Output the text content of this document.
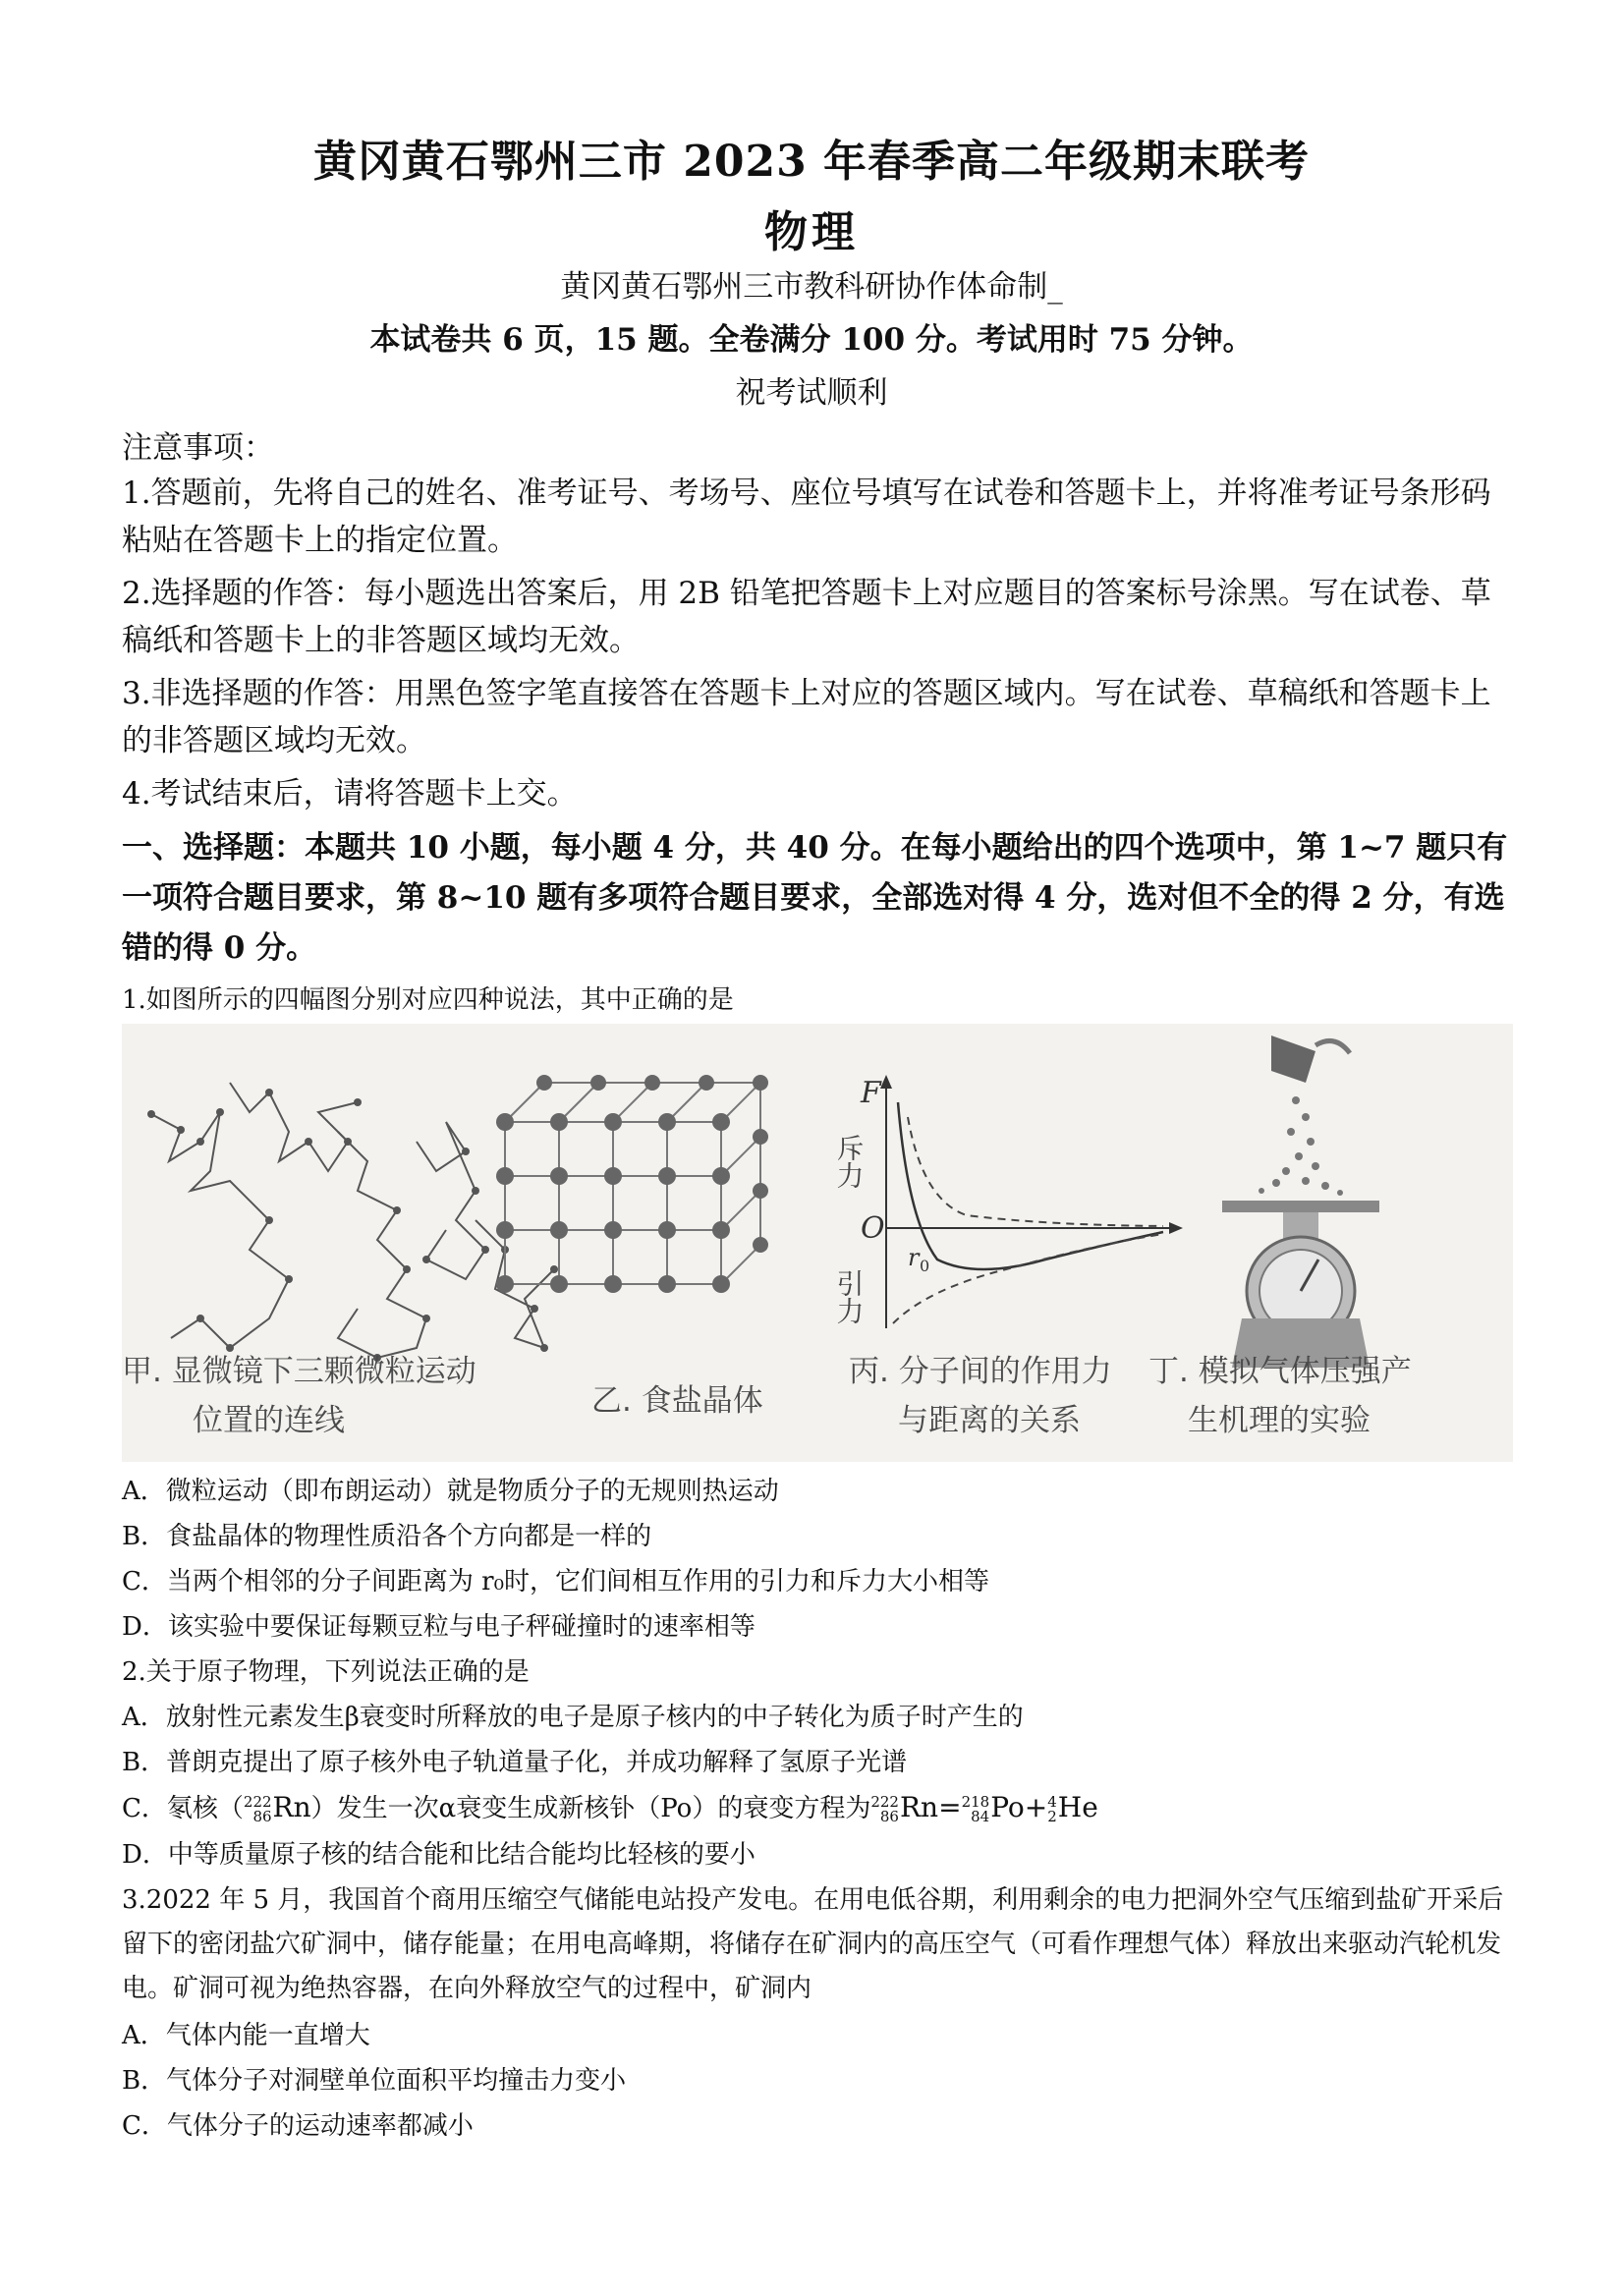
黄冈黄石鄂州三市 2023 年春季高二年级期末联考
物理
黄冈黄石鄂州三市教科研协作体命制_
本试卷共 6 页，15 题。全卷满分 100 分。考试用时 75 分钟。
祝考试顺利
注意事项：
1.答题前，先将自己的姓名、准考证号、考场号、座位号填写在试卷和答题卡上，并将准考证号条形码粘贴在答题卡上的指定位置。
2.选择题的作答：每小题选出答案后，用 2B 铅笔把答题卡上对应题目的答案标号涂黑。写在试卷、草稿纸和答题卡上的非答题区域均无效。
3.非选择题的作答：用黑色签字笔直接答在答题卡上对应的答题区域内。写在试卷、草稿纸和答题卡上的非答题区域均无效。
4.考试结束后，请将答题卡上交。
一、选择题：本题共 10 小题，每小题 4 分，共 40 分。在每小题给出的四个选项中，第 1~7 题只有一项符合题目要求，第 8~10 题有多项符合题目要求，全部选对得 4 分，选对但不全的得 2 分，有选错的得 0 分。
1.如图所示的四幅图分别对应四种说法，其中正确的是
F
O
斥力
引力
r 0
甲. 显微镜下三颗微粒运动
位置的连线
乙. 食盐晶体
丙. 分子间的作用力
与距离的关系
丁. 模拟气体压强产
生机理的实验
A．微粒运动（即布朗运动）就是物质分子的无规则热运动
B．食盐晶体的物理性质沿各个方向都是一样的
C．当两个相邻的分子间距离为 r₀时，它们间相互作用的引力和斥力大小相等
D．该实验中要保证每颗豆粒与电子秤碰撞时的速率相等
2.关于原子物理，下列说法正确的是
A．放射性元素发生β衰变时所释放的电子是原子核内的中子转化为质子时产生的
B．普朗克提出了原子核外电子轨道量子化，并成功解释了氢原子光谱
C．氡核（ 222
86 Rn）发生一次α衰变生成新核钋（Po）的衰变方程为 222
86 Rn= 218
84 Po+ 4
2 He
D．中等质量原子核的结合能和比结合能均比轻核的要小
3.2022 年 5 月，我国首个商用压缩空气储能电站投产发电。在用电低谷期，利用剩余的电力把洞外空气压缩到盐矿开采后留下的密闭盐穴矿洞中，储存能量；在用电高峰期，将储存在矿洞内的高压空气（可看作理想气体）释放出来驱动汽轮机发电。矿洞可视为绝热容器，在向外释放空气的过程中，矿洞内
A．气体内能一直增大
B．气体分子对洞壁单位面积平均撞击力变小
C．气体分子的运动速率都减小
